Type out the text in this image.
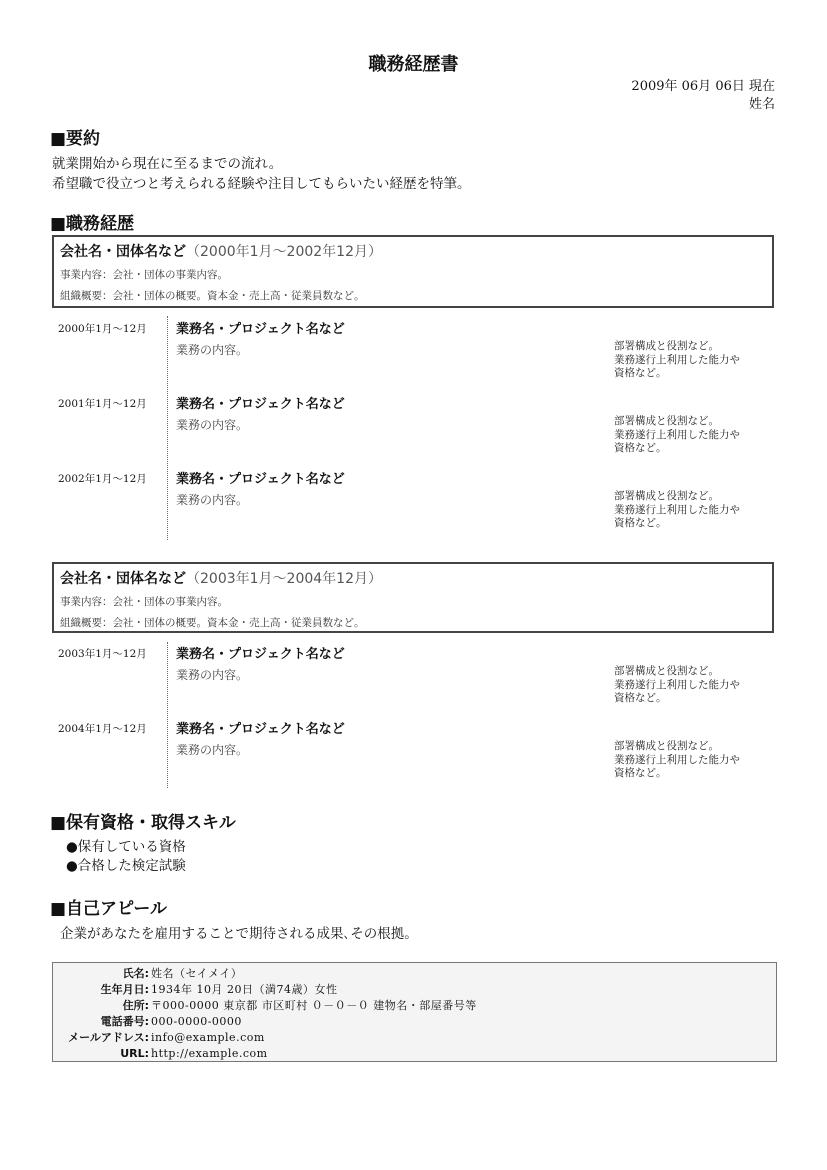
職務経歴書
2009年 06月 06日 現在
姓名
■要約
就業開始から現在に至るまでの流れ。
希望職で役立つと考えられる経験や注目してもらいたい経歴を特筆。
■職務経歴
会社名・団体名など（2000年1月～2002年12月）
事業内容：会社・団体の事業内容。
組織概要：会社・団体の概要。資本金・売上高・従業員数など。
2000年1月～12月 業務名・プロジェクト名など
業務の内容。	部署構成と役割など。
業務遂行上利用した能力や
資格など。
2001年1月～12月 業務名・プロジェクト名など
業務の内容。	部署構成と役割など。
業務遂行上利用した能力や
資格など。
2002年1月～12月 業務名・プロジェクト名など
業務の内容。	部署構成と役割など。
業務遂行上利用した能力や
資格など。
会社名・団体名など（2003年1月～2004年12月）
事業内容：会社・団体の事業内容。
組織概要：会社・団体の概要。資本金・売上高・従業員数など。
2003年1月～12月 業務名・プロジェクト名など
業務の内容。	部署構成と役割など。
業務遂行上利用した能力や
資格など。
2004年1月～12月 業務名・プロジェクト名など
業務の内容。	部署構成と役割など。
業務遂行上利用した能力や
資格など。
■保有資格・取得スキル
●保有している資格
●合格した検定試験
■自己アピール
企業があなたを雇用することで期待される成果､その根拠。
氏名: 姓名（セイメイ）
生年月日: 1934年 10月 20日（満74歳）女性
住所: 〒000-0000 東京都 市区町村 ０－０－０ 建物名・部屋番号等
電話番号: 000-0000-0000
メールアドレス: info@example.com
URL: http://example.com
